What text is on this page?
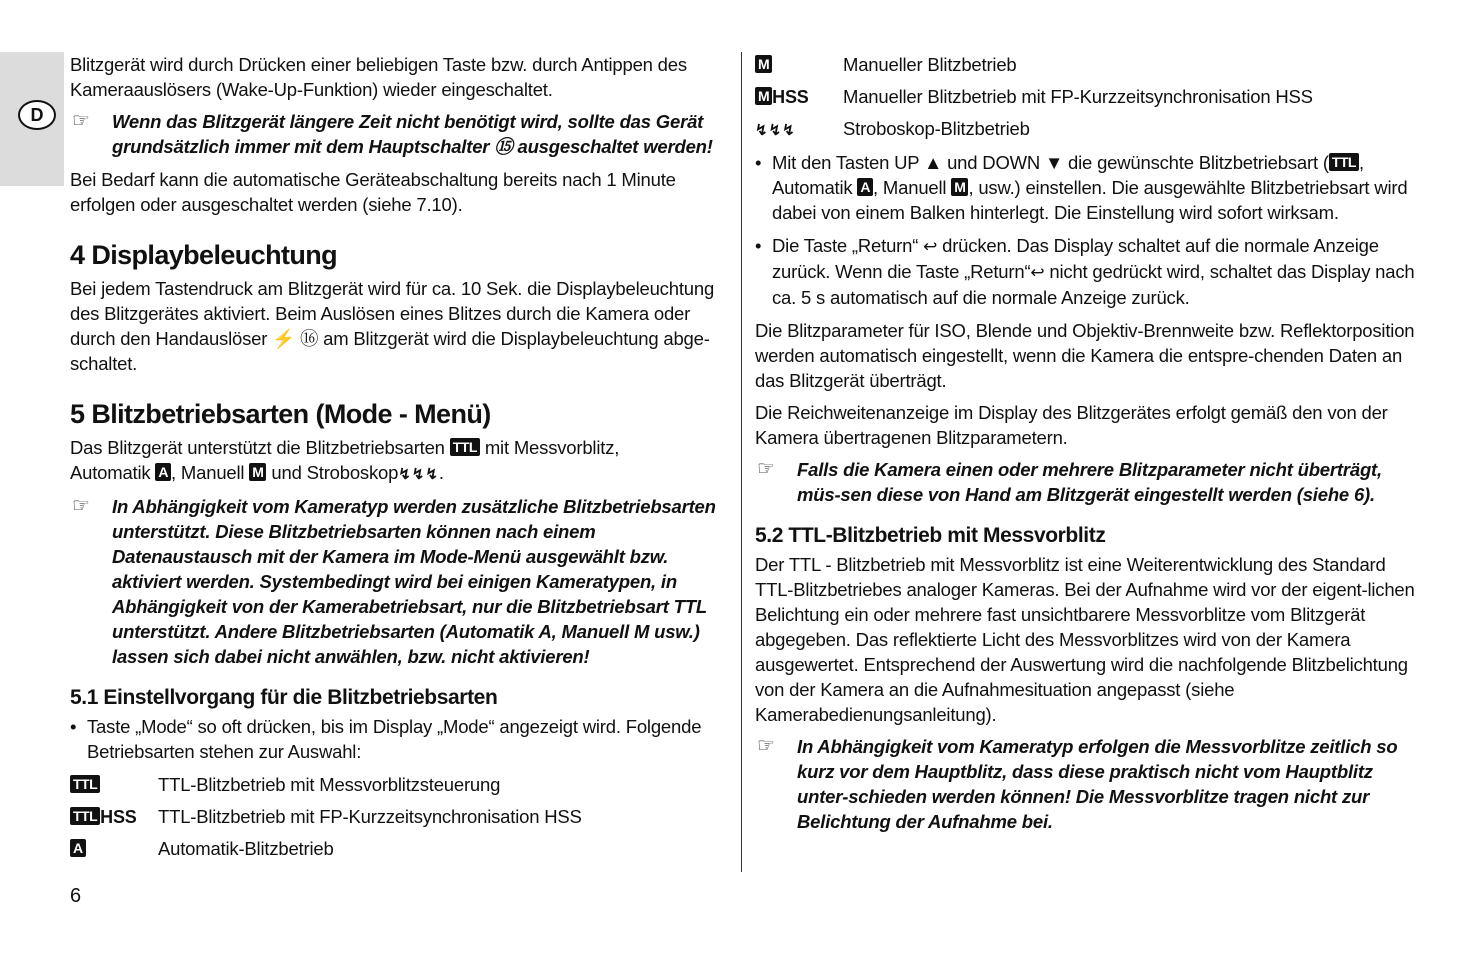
D

Blitzgerät wird durch Drücken einer beliebigen Taste bzw. durch Antippen des Kameraauslösers (Wake-Up-Funktion) wieder eingeschaltet.

☞ Wenn das Blitzgerät längere Zeit nicht benötigt wird, sollte das Gerät grundsätzlich immer mit dem Hauptschalter ⑮ ausgeschaltet werden!

Bei Bedarf kann die automatische Geräteabschaltung bereits nach 1 Minute erfolgen oder ausgeschaltet werden (siehe 7.10).

4 Displaybeleuchtung

Bei jedem Tastendruck am Blitzgerät wird für ca. 10 Sek. die Displaybeleuchtung des Blitzgerätes aktiviert. Beim Auslösen eines Blitzes durch die Kamera oder durch den Handauslöser ⚡ ⑯ am Blitzgerät wird die Displaybeleuchtung abge-schaltet.

5 Blitzbetriebsarten (Mode - Menü)

Das Blitzgerät unterstützt die Blitzbetriebsarten TTL mit Messvorblitz,
Automatik A , Manuell M und Stroboskop↯↯↯.

☞ In Abhängigkeit vom Kameratyp werden zusätzliche Blitzbetriebsarten unterstützt. Diese Blitzbetriebsarten können nach einem Datenaustausch mit der Kamera im Mode-Menü ausgewählt bzw. aktiviert werden. Systembedingt wird bei einigen Kameratypen, in Abhängigkeit von der Kamerabetriebsart, nur die Blitzbetriebsart TTL unterstützt. Andere Blitzbetriebsarten (Automatik A, Manuell M usw.) lassen sich dabei nicht anwählen, bzw. nicht aktivieren!
5.1 Einstellvorgang für die Blitzbetriebsarten
• Taste „Mode“ so oft drücken, bis im Display „Mode“ angezeigt wird. Folgende Betriebsarten stehen zur Auswahl:
TTL	TTL-Blitzbetrieb mit Messvorblitzsteuerung
TTL HSS	TTL-Blitzbetrieb mit FP-Kurzzeitsynchronisation HSS
A	Automatik-Blitzbetrieb
M	Manueller Blitzbetrieb
M HSS	Manueller Blitzbetrieb mit FP-Kurzzeitsynchronisation HSS
↯↯↯	Stroboskop-Blitzbetrieb
• Mit den Tasten UP ▲ und DOWN ▼ die gewünschte Blitzbetriebsart ( TTL ,
Automatik A , Manuell M , usw.) einstellen. Die ausgewählte Blitzbetriebsart wird dabei von einem Balken hinterlegt. Die Einstellung wird sofort wirksam.
• Die Taste „Return“ ↩ drücken. Das Display schaltet auf die normale Anzeige zurück. Wenn die Taste „Return“↩ nicht gedrückt wird, schaltet das Display nach ca. 5 s automatisch auf die normale Anzeige zurück.

Die Blitzparameter für ISO, Blende und Objektiv-Brennweite bzw. Reflektorposition werden automatisch eingestellt, wenn die Kamera die entspre-chenden Daten an das Blitzgerät überträgt.

Die Reichweitenanzeige im Display des Blitzgerätes erfolgt gemäß den von der Kamera übertragenen Blitzparametern.

☞ Falls die Kamera einen oder mehrere Blitzparameter nicht überträgt, müs-sen diese von Hand am Blitzgerät eingestellt werden (siehe 6).
5.2 TTL-Blitzbetrieb mit Messvorblitz

Der TTL - Blitzbetrieb mit Messvorblitz ist eine Weiterentwicklung des Standard TTL-Blitzbetriebes analoger Kameras. Bei der Aufnahme wird vor der eigent-lichen Belichtung ein oder mehrere fast unsichtbarere Messvorblitze vom Blitzgerät abgegeben. Das reflektierte Licht des Messvorblitzes wird von der Kamera ausgewertet. Entsprechend der Auswertung wird die nachfolgende Blitzbelichtung von der Kamera an die Aufnahmesituation angepasst (siehe Kamerabedienungsanleitung).

☞ In Abhängigkeit vom Kameratyp erfolgen die Messvorblitze zeitlich so kurz vor dem Hauptblitz, dass diese praktisch nicht vom Hauptblitz unter-schieden werden können! Die Messvorblitze tragen nicht zur Belichtung der Aufnahme bei.
6
